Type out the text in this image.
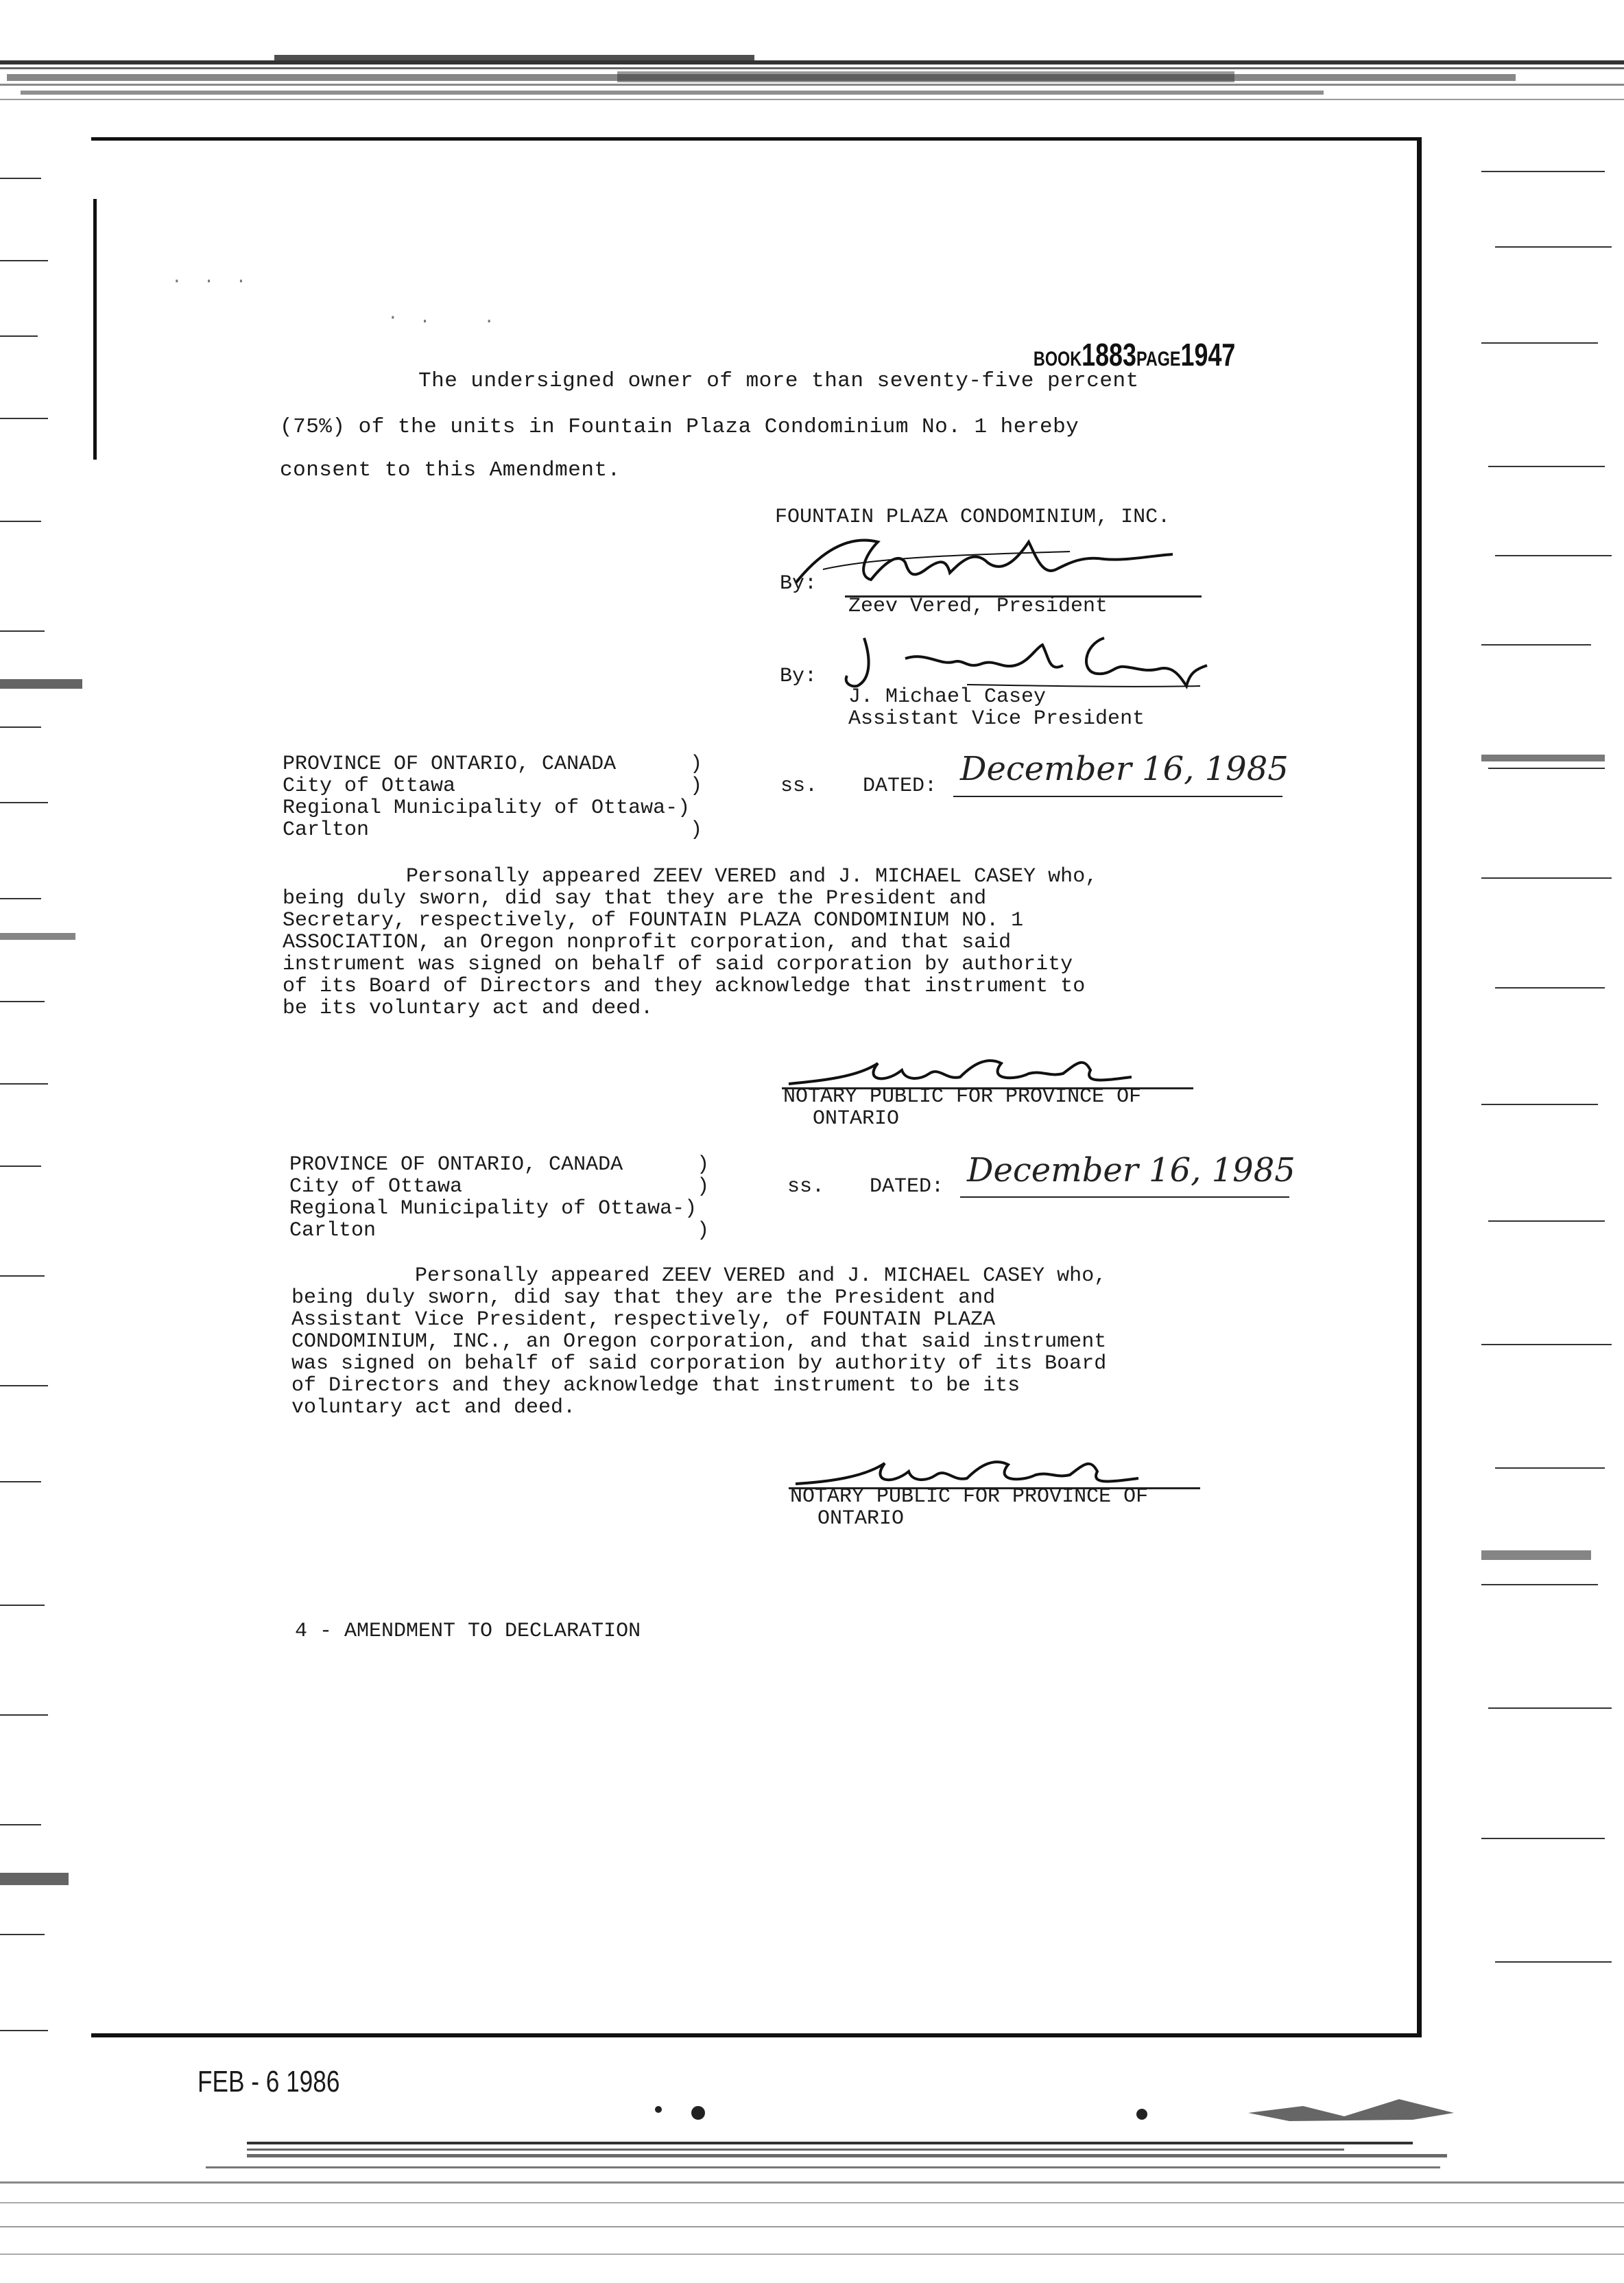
·  ·  ·
·  .     .

BOOK1883PAGE1947

The undersigned owner of more than seventy-five percent
(75%) of the units in Fountain Plaza Condominium No. 1 hereby
consent to this Amendment.
FOUNTAIN PLAZA CONDOMINIUM, INC.
By:
Zeev Vered, President
By:
J. Michael Casey
Assistant Vice President
PROVINCE OF ONTARIO, CANADA      )
City of Ottawa                   )
Regional Municipality of Ottawa-)
Carlton                          )
ss. DATED: December 16, 1985
Personally appeared ZEEV VERED and J. MICHAEL CASEY who,
being duly sworn, did say that they are the President and
Secretary, respectively, of FOUNTAIN PLAZA CONDOMINIUM NO. 1
ASSOCIATION, an Oregon nonprofit corporation, and that said
instrument was signed on behalf of said corporation by authority
of its Board of Directors and they acknowledge that instrument to
be its voluntary act and deed.
NOTARY PUBLIC FOR PROVINCE OF
ONTARIO
PROVINCE OF ONTARIO, CANADA      )
City of Ottawa                   )
Regional Municipality of Ottawa-)
Carlton                          )
ss. DATED: December 16, 1985
Personally appeared ZEEV VERED and J. MICHAEL CASEY who,
being duly sworn, did say that they are the President and
Assistant Vice President, respectively, of FOUNTAIN PLAZA
CONDOMINIUM, INC., an Oregon corporation, and that said instrument
was signed on behalf of said corporation by authority of its Board
of Directors and they acknowledge that instrument to be its
voluntary act and deed.
NOTARY PUBLIC FOR PROVINCE OF
ONTARIO
4 - AMENDMENT TO DECLARATION
FEB - 6 1986
